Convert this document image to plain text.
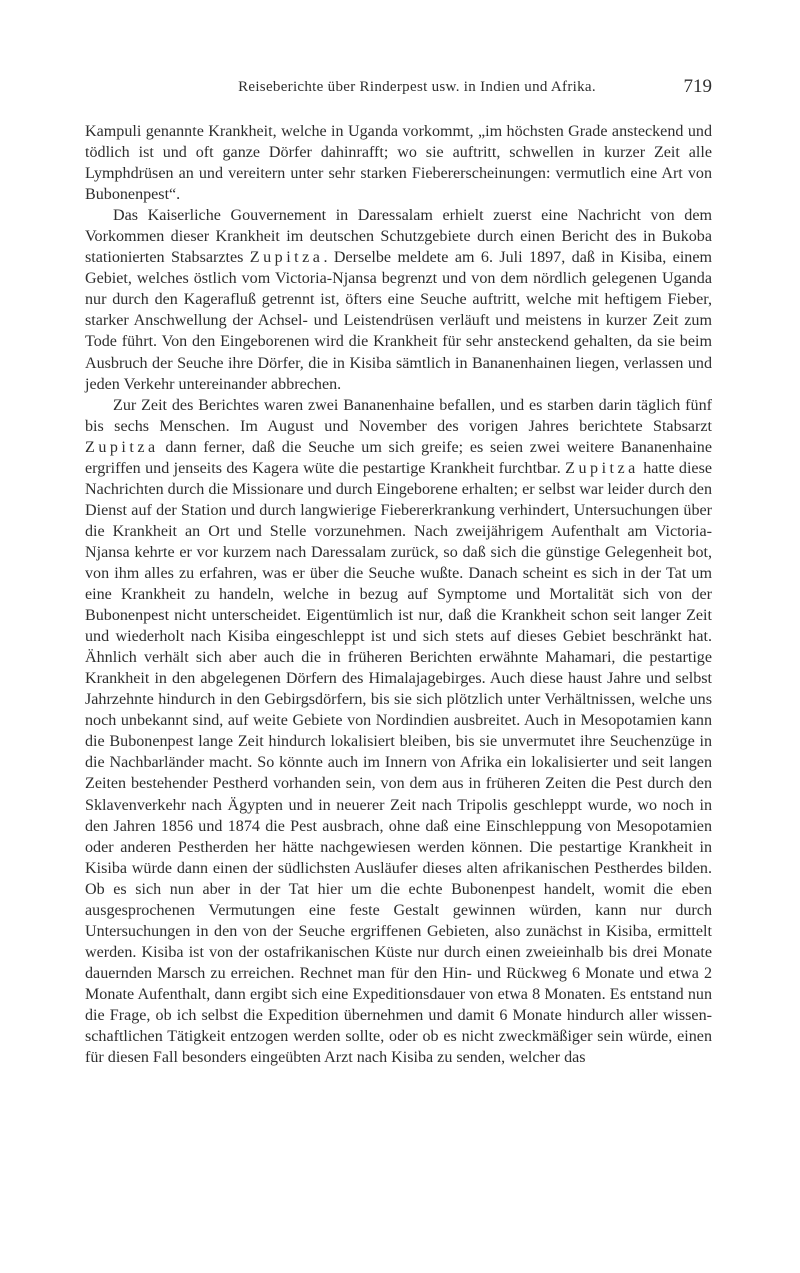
Reiseberichte über Rinderpest usw. in Indien und Afrika.	719

Kampuli genannte Krankheit, welche in Uganda vorkommt, „im höchsten Grade ansteckend und tödlich ist und oft ganze Dörfer dahinrafft; wo sie auftritt, schwellen in kurzer Zeit alle Lymphdrüsen an und vereitern unter sehr starken Fiebererscheinungen: vermutlich eine Art von Bubonenpest“.

Das Kaiserliche Gouvernement in Daressalam erhielt zuerst eine Nachricht von dem Vorkommen dieser Krankheit im deutschen Schutzgebiete durch einen Bericht des in Bukoba stationierten Stabsarztes Zupitza. Derselbe meldete am 6. Juli 1897, daß in Kisiba, einem Gebiet, welches östlich vom Victoria-Njansa begrenzt und von dem nördlich gelegenen Uganda nur durch den Kagerafluß getrennt ist, öfters eine Seuche auftritt, welche mit heftigem Fieber, starker Anschwellung der Achsel- und Leistendrüsen verläuft und meistens in kurzer Zeit zum Tode führt. Von den Eingeborenen wird die Krankheit für sehr ansteckend gehalten, da sie beim Ausbruch der Seuche ihre Dörfer, die in Kisiba sämtlich in Bananenhainen liegen, verlassen und jeden Verkehr untereinander abbrechen.

Zur Zeit des Berichtes waren zwei Bananenhaine befallen, und es starben darin täglich fünf bis sechs Menschen. Im August und November des vorigen Jahres berichtete Stabsarzt Zupitza dann ferner, daß die Seuche um sich greife; es seien zwei weitere Bananenhaine ergriffen und jenseits des Kagera wüte die pestartige Krankheit furchtbar. Zupitza hatte diese Nachrichten durch die Missionare und durch Eingeborene erhalten; er selbst war leider durch den Dienst auf der Station und durch langwierige Fiebererkrankung verhindert, Untersuchungen über die Krankheit an Ort und Stelle vorzunehmen. Nach zweijährigem Aufenthalt am Victoria-Njansa kehrte er vor kurzem nach Daressalam zurück, so daß sich die günstige Gelegenheit bot, von ihm alles zu erfahren, was er über die Seuche wußte. Danach scheint es sich in der Tat um eine Krankheit zu handeln, welche in bezug auf Symptome und Mortalität sich von der Bubonenpest nicht unterscheidet. Eigentümlich ist nur, daß die Krankheit schon seit langer Zeit und wiederholt nach Kisiba eingeschleppt ist und sich stets auf dieses Gebiet beschränkt hat. Ähnlich verhält sich aber auch die in früheren Berichten erwähnte Mahamari, die pestartige Krankheit in den abgelegenen Dörfern des Himalajagebirges. Auch diese haust Jahre und selbst Jahrzehnte hindurch in den Gebirgsdörfern, bis sie sich plötzlich unter Verhältnissen, welche uns noch unbekannt sind, auf weite Gebiete von Nordindien ausbreitet. Auch in Mesopotamien kann die Bubonenpest lange Zeit hindurch lokalisiert bleiben, bis sie unvermutet ihre Seuchenzüge in die Nachbarländer macht. So könnte auch im Innern von Afrika ein lokalisierter und seit langen Zeiten bestehender Pestherd vorhanden sein, von dem aus in früheren Zeiten die Pest durch den Sklavenverkehr nach Ägypten und in neuerer Zeit nach Tripolis geschleppt wurde, wo noch in den Jahren 1856 und 1874 die Pest ausbrach, ohne daß eine Einschleppung von Mesopotamien oder anderen Pestherden her hätte nachgewiesen werden können. Die pestartige Krankheit in Kisiba würde dann einen der südlichsten Ausläufer dieses alten afrikanischen Pestherdes bilden. Ob es sich nun aber in der Tat hier um die echte Bubonenpest handelt, womit die eben ausgesprochenen Vermutungen eine feste Gestalt gewinnen würden, kann nur durch Untersuchungen in den von der Seuche ergriffenen Gebieten, also zunächst in Kisiba, ermittelt werden. Kisiba ist von der ostafrikanischen Küste nur durch einen zweieinhalb bis drei Monate dauernden Marsch zu erreichen. Rechnet man für den Hin- und Rückweg 6 Monate und etwa 2 Monate Aufenthalt, dann ergibt sich eine Expeditionsdauer von etwa 8 Monaten. Es entstand nun die Frage, ob ich selbst die Expedition übernehmen und damit 6 Monate hindurch aller wissenschaftlichen Tätigkeit entzogen werden sollte, oder ob es nicht zweckmäßiger sein würde, einen für diesen Fall besonders eingeübten Arzt nach Kisiba zu senden, welcher das
